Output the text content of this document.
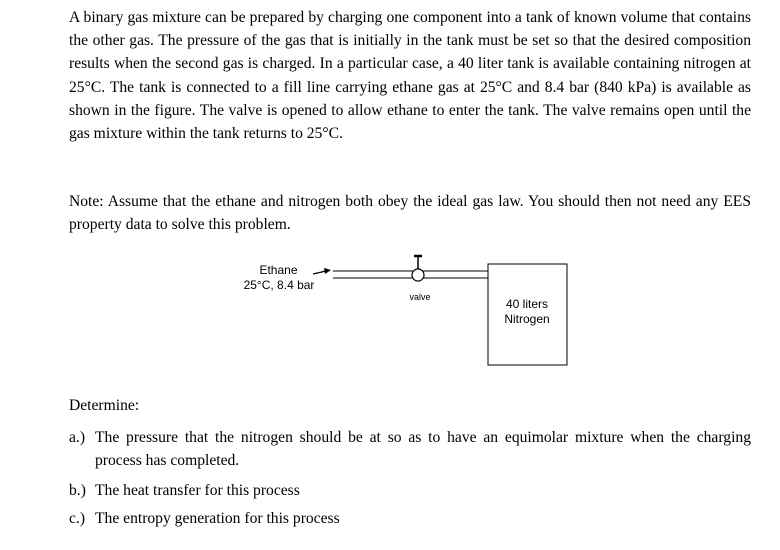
A binary gas mixture can be prepared by charging one component into a tank of known volume that contains the other gas. The pressure of the gas that is initially in the tank must be set so that the desired composition results when the second gas is charged. In a particular case, a 40 liter tank is available containing nitrogen at 25°C. The tank is connected to a fill line carrying ethane gas at 25°C and 8.4 bar (840 kPa) is available as shown in the figure. The valve is opened to allow ethane to enter the tank. The valve remains open until the gas mixture within the tank returns to 25°C.

Note: Assume that the ethane and nitrogen both obey the ideal gas law. You should then not need any EES property data to solve this problem.

Ethane
25°C, 8.4 bar
valve	40 liters
Nitrogen

Determine:

a.) The pressure that the nitrogen should be at so as to have an equimolar mixture when the charging process has completed.
b.) The heat transfer for this process
c.) The entropy generation for this process
